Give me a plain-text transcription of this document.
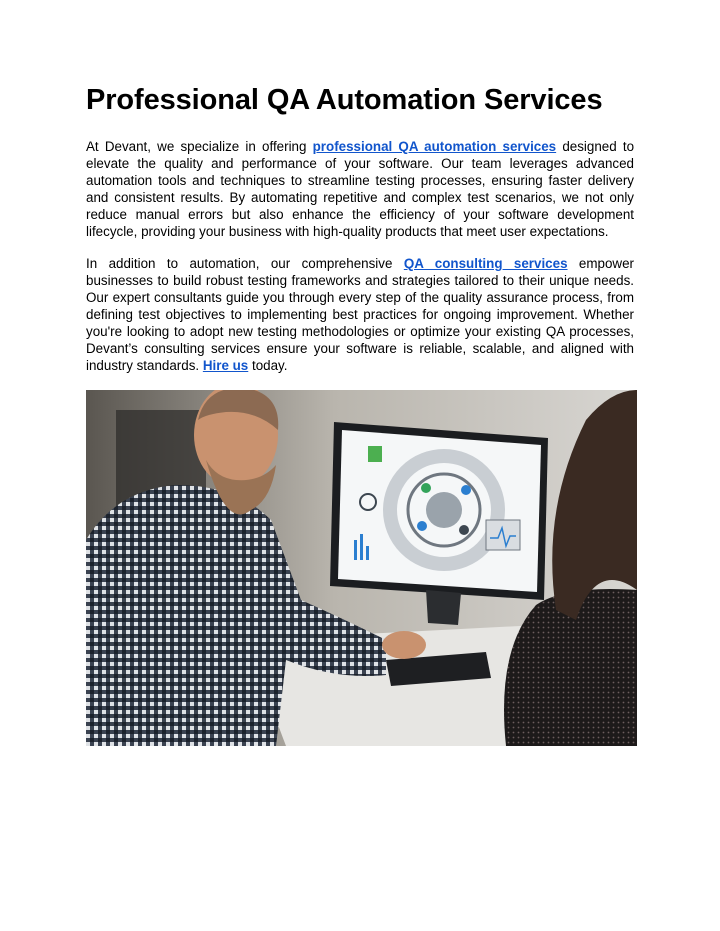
Professional QA Automation Services

At Devant, we specialize in offering professional QA automation services designed to elevate the quality and performance of your software. Our team leverages advanced automation tools and techniques to streamline testing processes, ensuring faster delivery and consistent results. By automating repetitive and complex test scenarios, we not only reduce manual errors but also enhance the efficiency of your software development lifecycle, providing your business with high-quality products that meet user expectations.

In addition to automation, our comprehensive QA consulting services empower businesses to build robust testing frameworks and strategies tailored to their unique needs. Our expert consultants guide you through every step of the quality assurance process, from defining test objectives to implementing best practices for ongoing improvement. Whether you're looking to adopt new testing methodologies or optimize your existing QA processes, Devant’s consulting services ensure your software is reliable, scalable, and aligned with industry standards. Hire us today.
